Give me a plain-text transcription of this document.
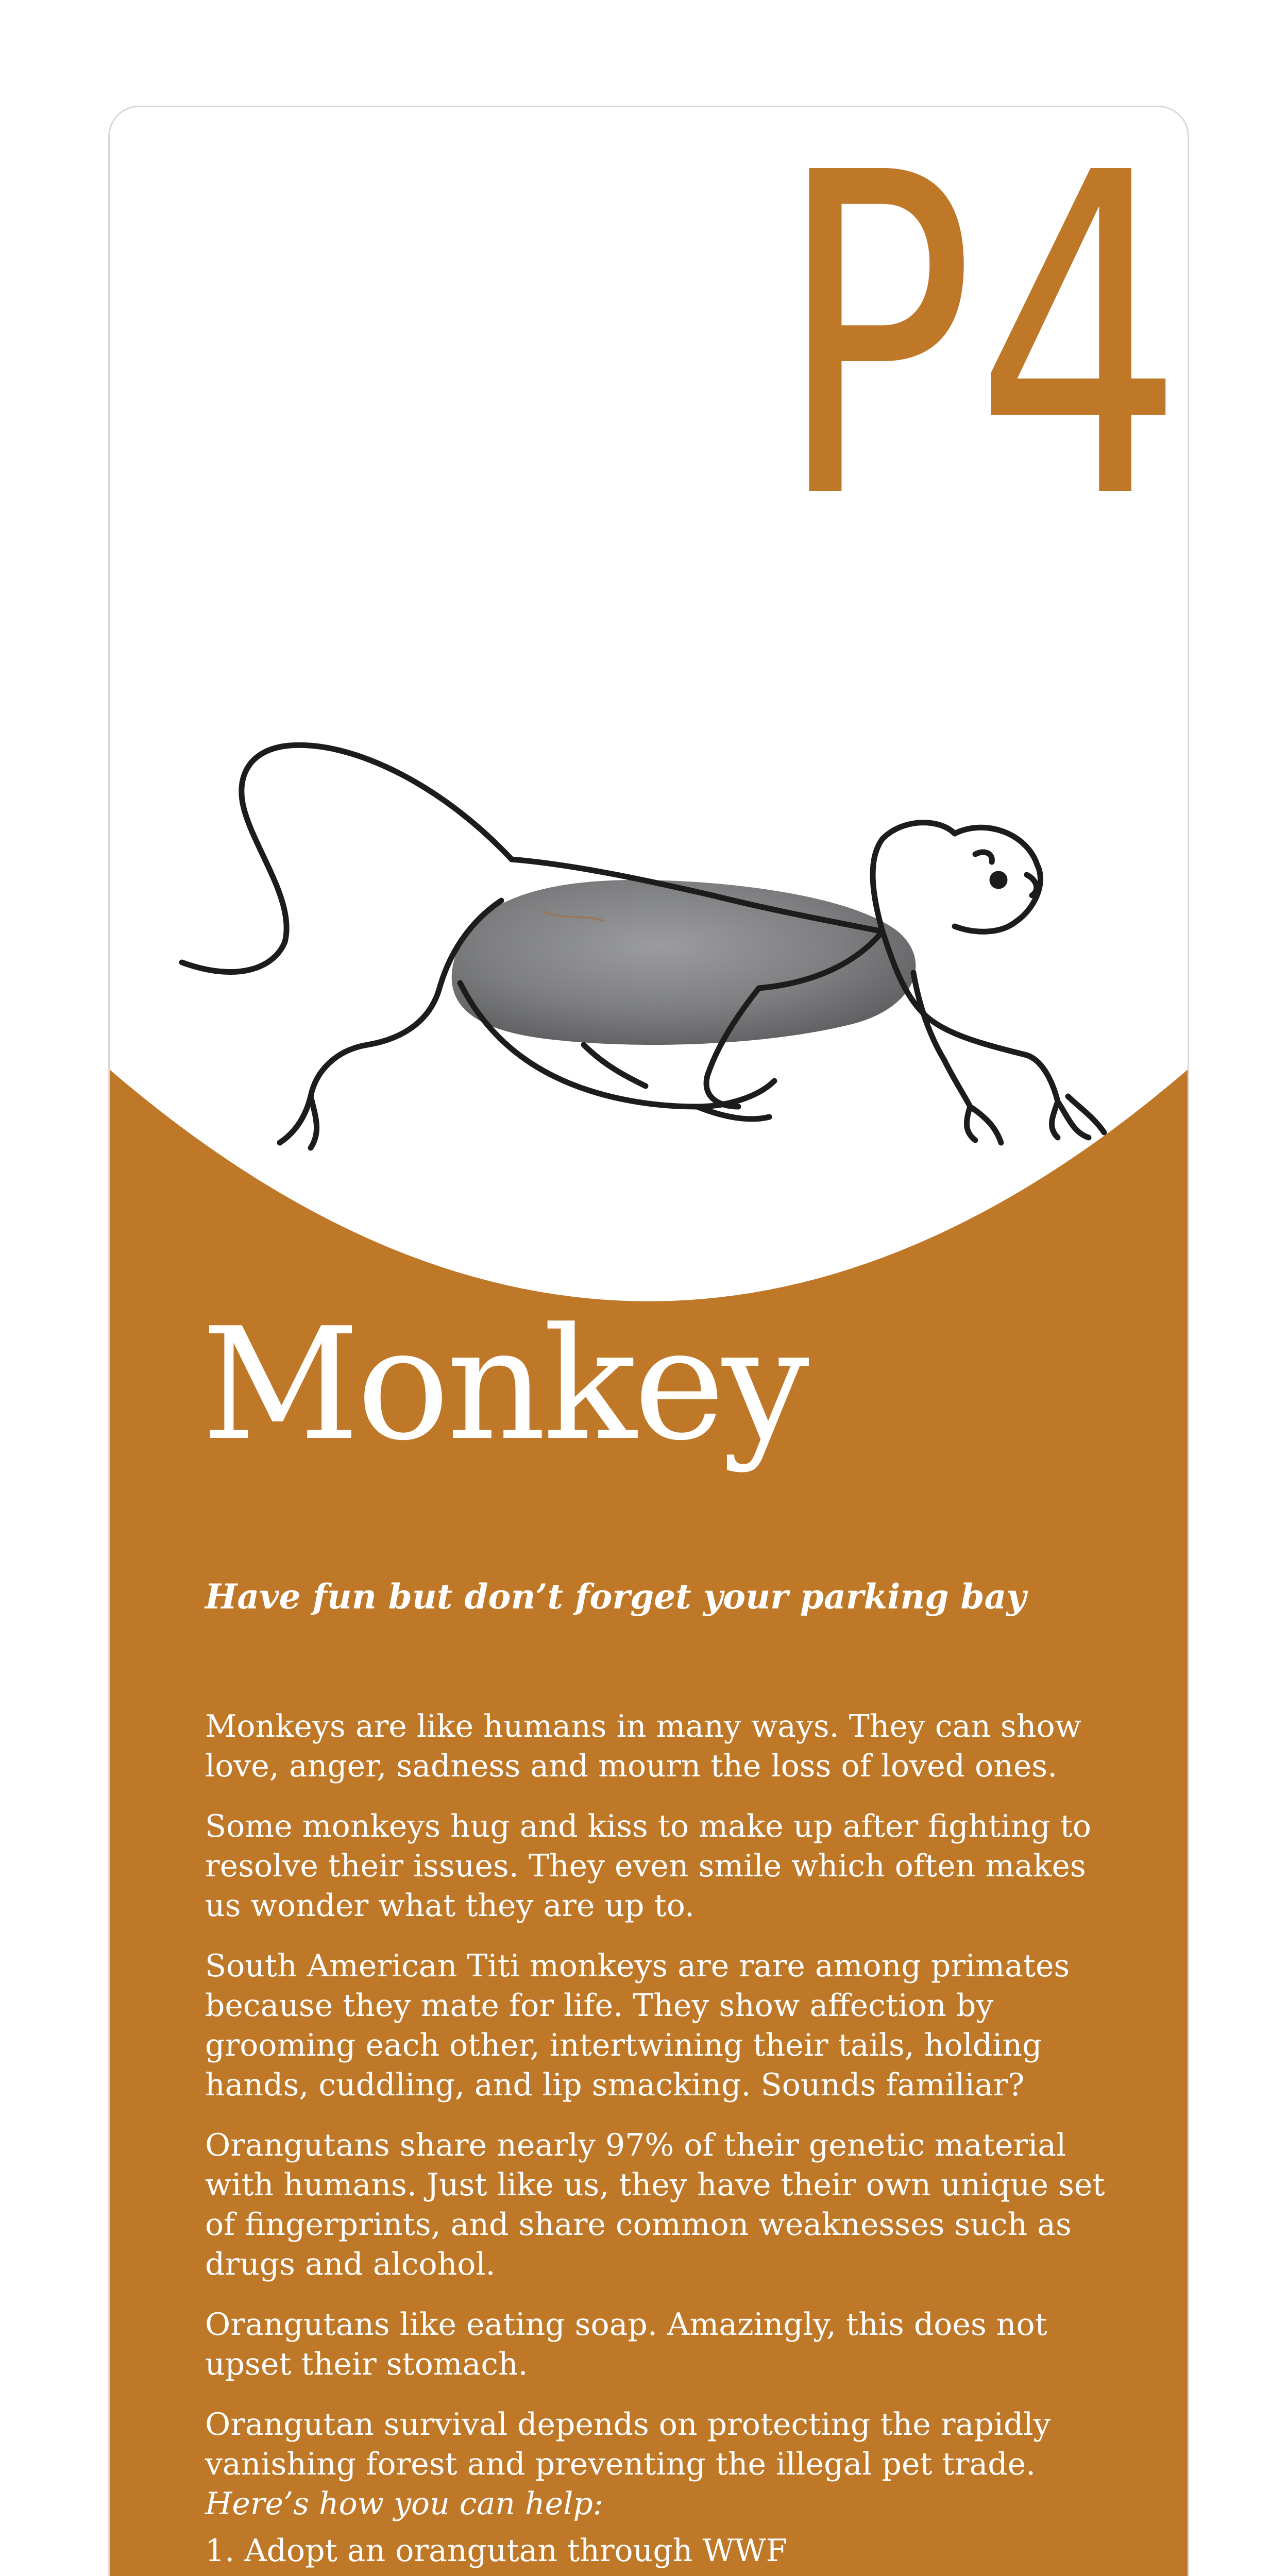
P4
Monkey
Have fun but don’t forget your parking bay

Monkeys are like humans in many ways. They can show love, anger, sadness and mourn the loss of loved ones.

Some monkeys hug and kiss to make up after fighting to resolve their issues. They even smile which often makes us wonder what they are up to.

South American Titi monkeys are rare among primates because they mate for life. They show affection by grooming each other, intertwining their tails, holding hands, cuddling, and lip smacking. Sounds familiar?

Orangutans share nearly 97% of their genetic material with humans. Just like us, they have their own unique set of fingerprints, and share common weaknesses such as drugs and alcohol.

Orangutans like eating soap. Amazingly, this does not upset their stomach.

Orangutan survival depends on protecting the rapidly vanishing forest and preventing the illegal pet trade.
Here’s how you can help:

1. Adopt an orangutan through WWF
